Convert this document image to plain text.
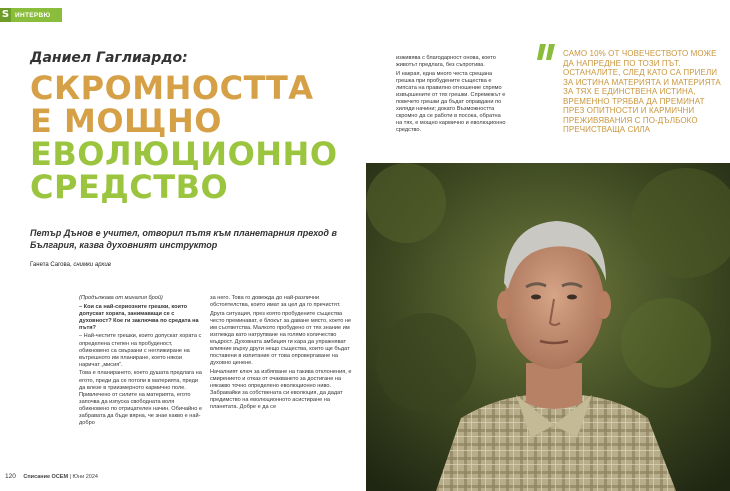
S ИНТЕРВЮ
Даниел Гаглиардо:
СКРОМНОСТТА
Е МОЩНО
ЕВОЛЮЦИОННО
СРЕДСТВО
Петър Дънов е учител, отворил пътя към планетарния преход в България, казва духовният инструктор
Ганета Сагова, снимки архив

(Продължава от миналия брой)

– Кои са най-сериозните грешки, които допускат хората, занимаващи се с духовност? Кое ги заключва по средата на пътя?

– Най-честите грешки, които допускат хората с определена степен на пробуденост, обикновено са свързани с неглижиране на вътрешното им планиране, което някои наричат „мисия“.

Това е планирането, което душата предлага на егото, преди да се потопи в материята, преди да влезе в триизмерното кармично поле. Привлечено от силите на материята, егото започва да изпуска свободната воля обикновено по отрицателен начин. Обичайно е забравата да бъде вярна, че знае какво е най-добро

за него. Това го довежда до най-различни обстоятелства, които имат за цел да го пречистят.

Друга ситуация, през която пробудените същества често преминават, е блокът за даване място, което не им съответства. Малкото пробудено от тях знание им изглежда като натрупване на голямо количество мъдрост. Духовната амбиция ги кара да упражняват влияние върху други нещо същества, които ще бъдат поставени в изпитание от това опровергаване на духовно ценене.

Началният ключ за избягване на такива отклонения, е смирението и отказ от очакването за достигане на някакво точно определено еволюционно ниво. Забравайки за собствената си еволюция, да дадат предимство на еволюционното асистиране на планетата. Добре е да се

изживява с благодарност онова, което животът предлага, без съпротива.

И накрая, една много честа срещана грешка при пробудените същества е липсата на правилно отношение спрямо извършените от тях грешки. Спремежът е повечето грешки да бъдат оправдани по хиляди начини; докато Възможността скромно да се работи в посока, обратна на тях, е мощно кармично и еволюционно средство.

САМО 10% ОТ ЧОВЕЧЕСТВОТО МОЖЕ ДА НАПРЕДНЕ ПО ТОЗИ ПЪТ. ОСТАНАЛИТЕ, СЛЕД КАТО СА ПРИЕЛИ ЗА ИСТИНА МАТЕРИЯТА И МАТЕРИЯТА ЗА ТЯХ Е ЕДИНСТВЕНА ИСТИНА, ВРЕМЕННО ТРЯБВА ДА ПРЕМИНАТ ПРЕЗ ОПИТНОСТИ И КАРМИЧНИ ПРЕЖИВЯВАНИЯ С ПО-ДЪЛБОКО ПРЕЧИСТВАЩА СИЛА
120 Списание ОСЕМ | Юни 2024
